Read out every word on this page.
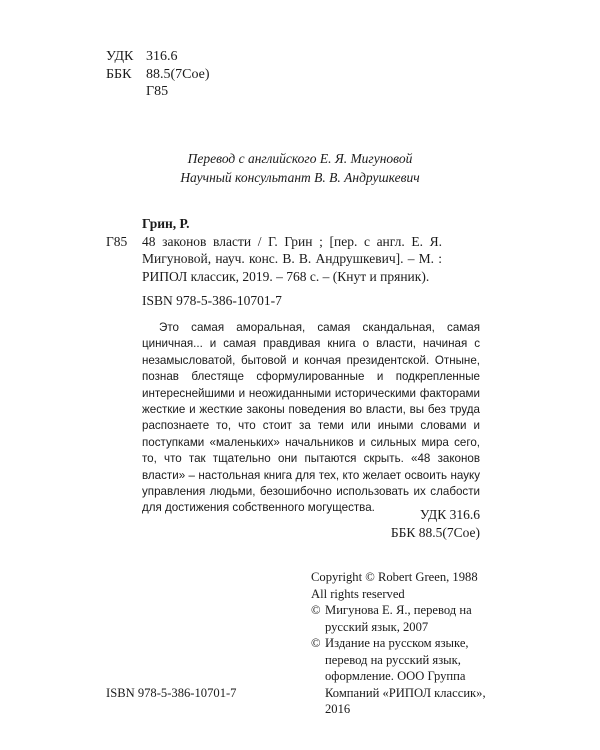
УДК 316.6
ББК	88.5(7Сое)
Г85
Перевод с английского Е. Я. Мигуновой
Научный консультант В. В. Андрушкевич
Грин, Р.
Г85	48 законов власти / Г. Грин ; [пер. с англ. Е. Я. Мигуновой, науч. конс. В. В. Андрушкевич]. – М. : РИПОЛ классик, 2019. – 768 с. – (Кнут и пряник).
ISBN 978-5-386-10701-7
Это самая аморальная, самая скандальная, самая циничная... и самая правдивая книга о власти, начиная с незамысловатой, бытовой и кончая президентской. Отныне, познав блестяще сформулированные и подкрепленные интереснейшими и неожиданными историческими факторами жесткие и жесткие законы поведения во власти, вы без труда распознаете то, что стоит за теми или иными словами и поступками «маленьких» начальников и сильных мира сего, то, что так тщательно они пытаются скрыть. «48 законов власти» – настольная книга для тех, кто желает освоить науку управления людьми, безошибочно использовать их слабости для достижения собственного могущества.	УДК 316.6
ББК 88.5(7Сое)
Copyright © Robert Green, 1988
All rights reserved
© Мигунова Е. Я., перевод на русский язык, 2007
© Издание на русском языке, перевод на русский язык, оформление. ООО Группа Компаний «РИПОЛ классик», 2016
ISBN 978-5-386-10701-7
